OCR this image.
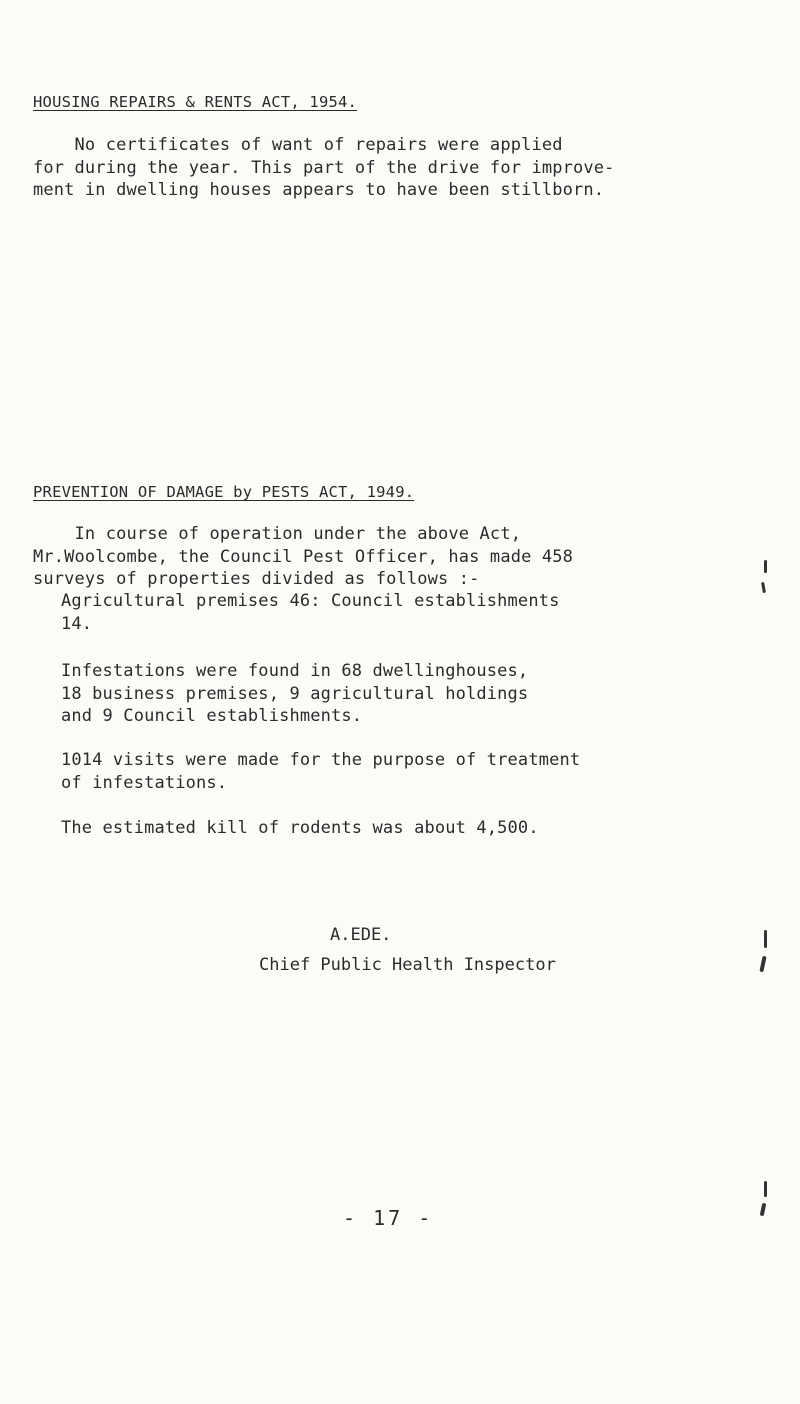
HOUSING REPAIRS & RENTS ACT, 1954.
No certificates of want of repairs were applied
for during the year. This part of the drive for improve-
ment in dwelling houses appears to have been stillborn.
PREVENTION OF DAMAGE by PESTS ACT, 1949.
In course of operation under the above Act,
Mr.Woolcombe, the Council Pest Officer, has made 458
surveys of properties divided as follows :-
Agricultural premises 46: Council establishments
14.
Infestations were found in 68 dwellinghouses,
18 business premises, 9 agricultural holdings
and 9 Council establishments.
1014 visits were made for the purpose of treatment
of infestations.
The estimated kill of rodents was about 4,500.
A.EDE.
Chief Public Health Inspector
- 17 -
